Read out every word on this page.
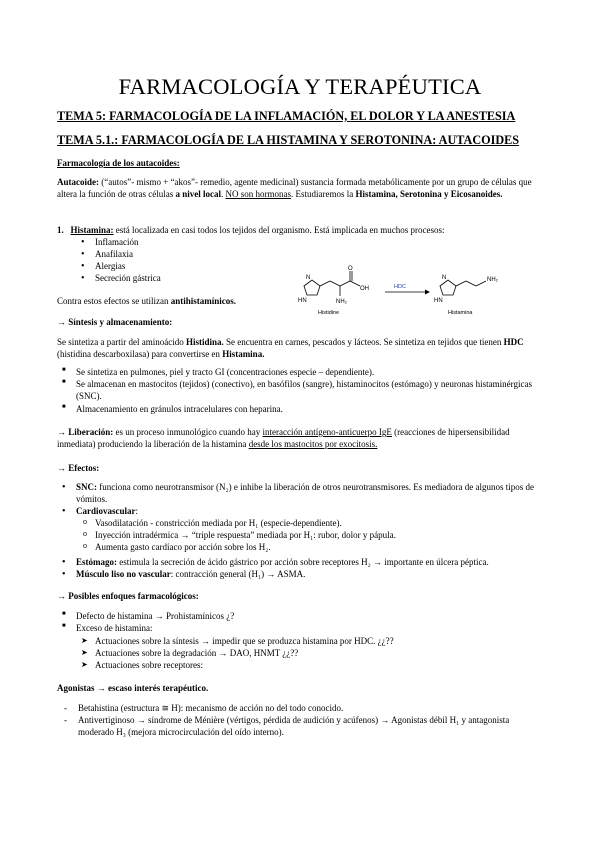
FARMACOLOGÍA Y TERAPÉUTICA
TEMA 5: FARMACOLOGÍA DE LA INFLAMACIÓN, EL DOLOR Y LA ANESTESIA
TEMA 5.1.: FARMACOLOGÍA DE LA HISTAMINA Y SEROTONINA: AUTACOIDES
Farmacología de los autacoides:
Autacoide: (“autos”- mismo + “akos”- remedio, agente medicinal) sustancia formada metabólicamente por un grupo de células que altera la función de otras células a nivel local. NO son hormonas. Estudiaremos la Histamina, Serotonina y Eicosanoides.
1. Histamina: está localizada en casi todos los tejidos del organismo. Está implicada en muchos procesos:
• Inflamación
• Anafilaxia
• Alergias
• Secreción gástrica
Contra estos efectos se utilizan antihistamínicos.	HN
N
O
OH
NH₂
Histidine
HDC
HN
N	NH₂
Histamina
→ Síntesis y almacenamiento:
Se sintetiza a partir del aminoácido Histidina. Se encuentra en carnes, pescados y lácteos. Se sintetiza en tejidos que tienen HDC (histidina descarboxilasa) para convertirse en Histamina.
■ Se sintetiza en pulmones, piel y tracto GI (concentraciones especie – dependiente).
■ Se almacenan en mastocitos (tejidos) (conectivo), en basófilos (sangre), histaminocitos (estómago) y neuronas histaminérgicas (SNC).
■ Almacenamiento en gránulos intracelulares con heparina.
→ Liberación: es un proceso inmunológico cuando hay interacción antígeno-anticuerpo IgE (reacciones de hipersensibilidad inmediata) produciendo la liberación de la histamina desde los mastocitos por exocitosis.
→ Efectos:
• SNC: funciona como neurotransmisor (N₂) e inhibe la liberación de otros neurotransmisores. Es mediadora de algunos tipos de vómitos.
• Cardiovascular:
o Vasodilatación - constricción mediada por H₁ (especie-dependiente).
o Inyección intradérmica → “triple respuesta” mediada por H₁: rubor, dolor y pápula.
o Aumenta gasto cardíaco por acción sobre los H₂.
• Estómago: estimula la secreción de ácido gástrico por acción sobre receptores H₂ → importante en úlcera péptica.
• Músculo liso no vascular: contracción general (H₁) → ASMA.
→ Posibles enfoques farmacológicos:
■ Defecto de histamina → Prohistamínicos ¿?
■ Exceso de histamina:
➤ Actuaciones sobre la síntesis → impedir que se produzca histamina por HDC. ¿¿??
➤ Actuaciones sobre la degradación → DAO, HNMT ¿¿??
➤ Actuaciones sobre receptores:
Agonistas → escaso interés terapéutico.
- Betahistina (estructura ≅ H): mecanismo de acción no del todo conocido.
- Antivertiginoso → síndrome de Ménière (vértigos, pérdida de audición y acúfenos) → Agonistas débil H₁ y antagonista moderado H₃ (mejora microcirculación del oído interno).
